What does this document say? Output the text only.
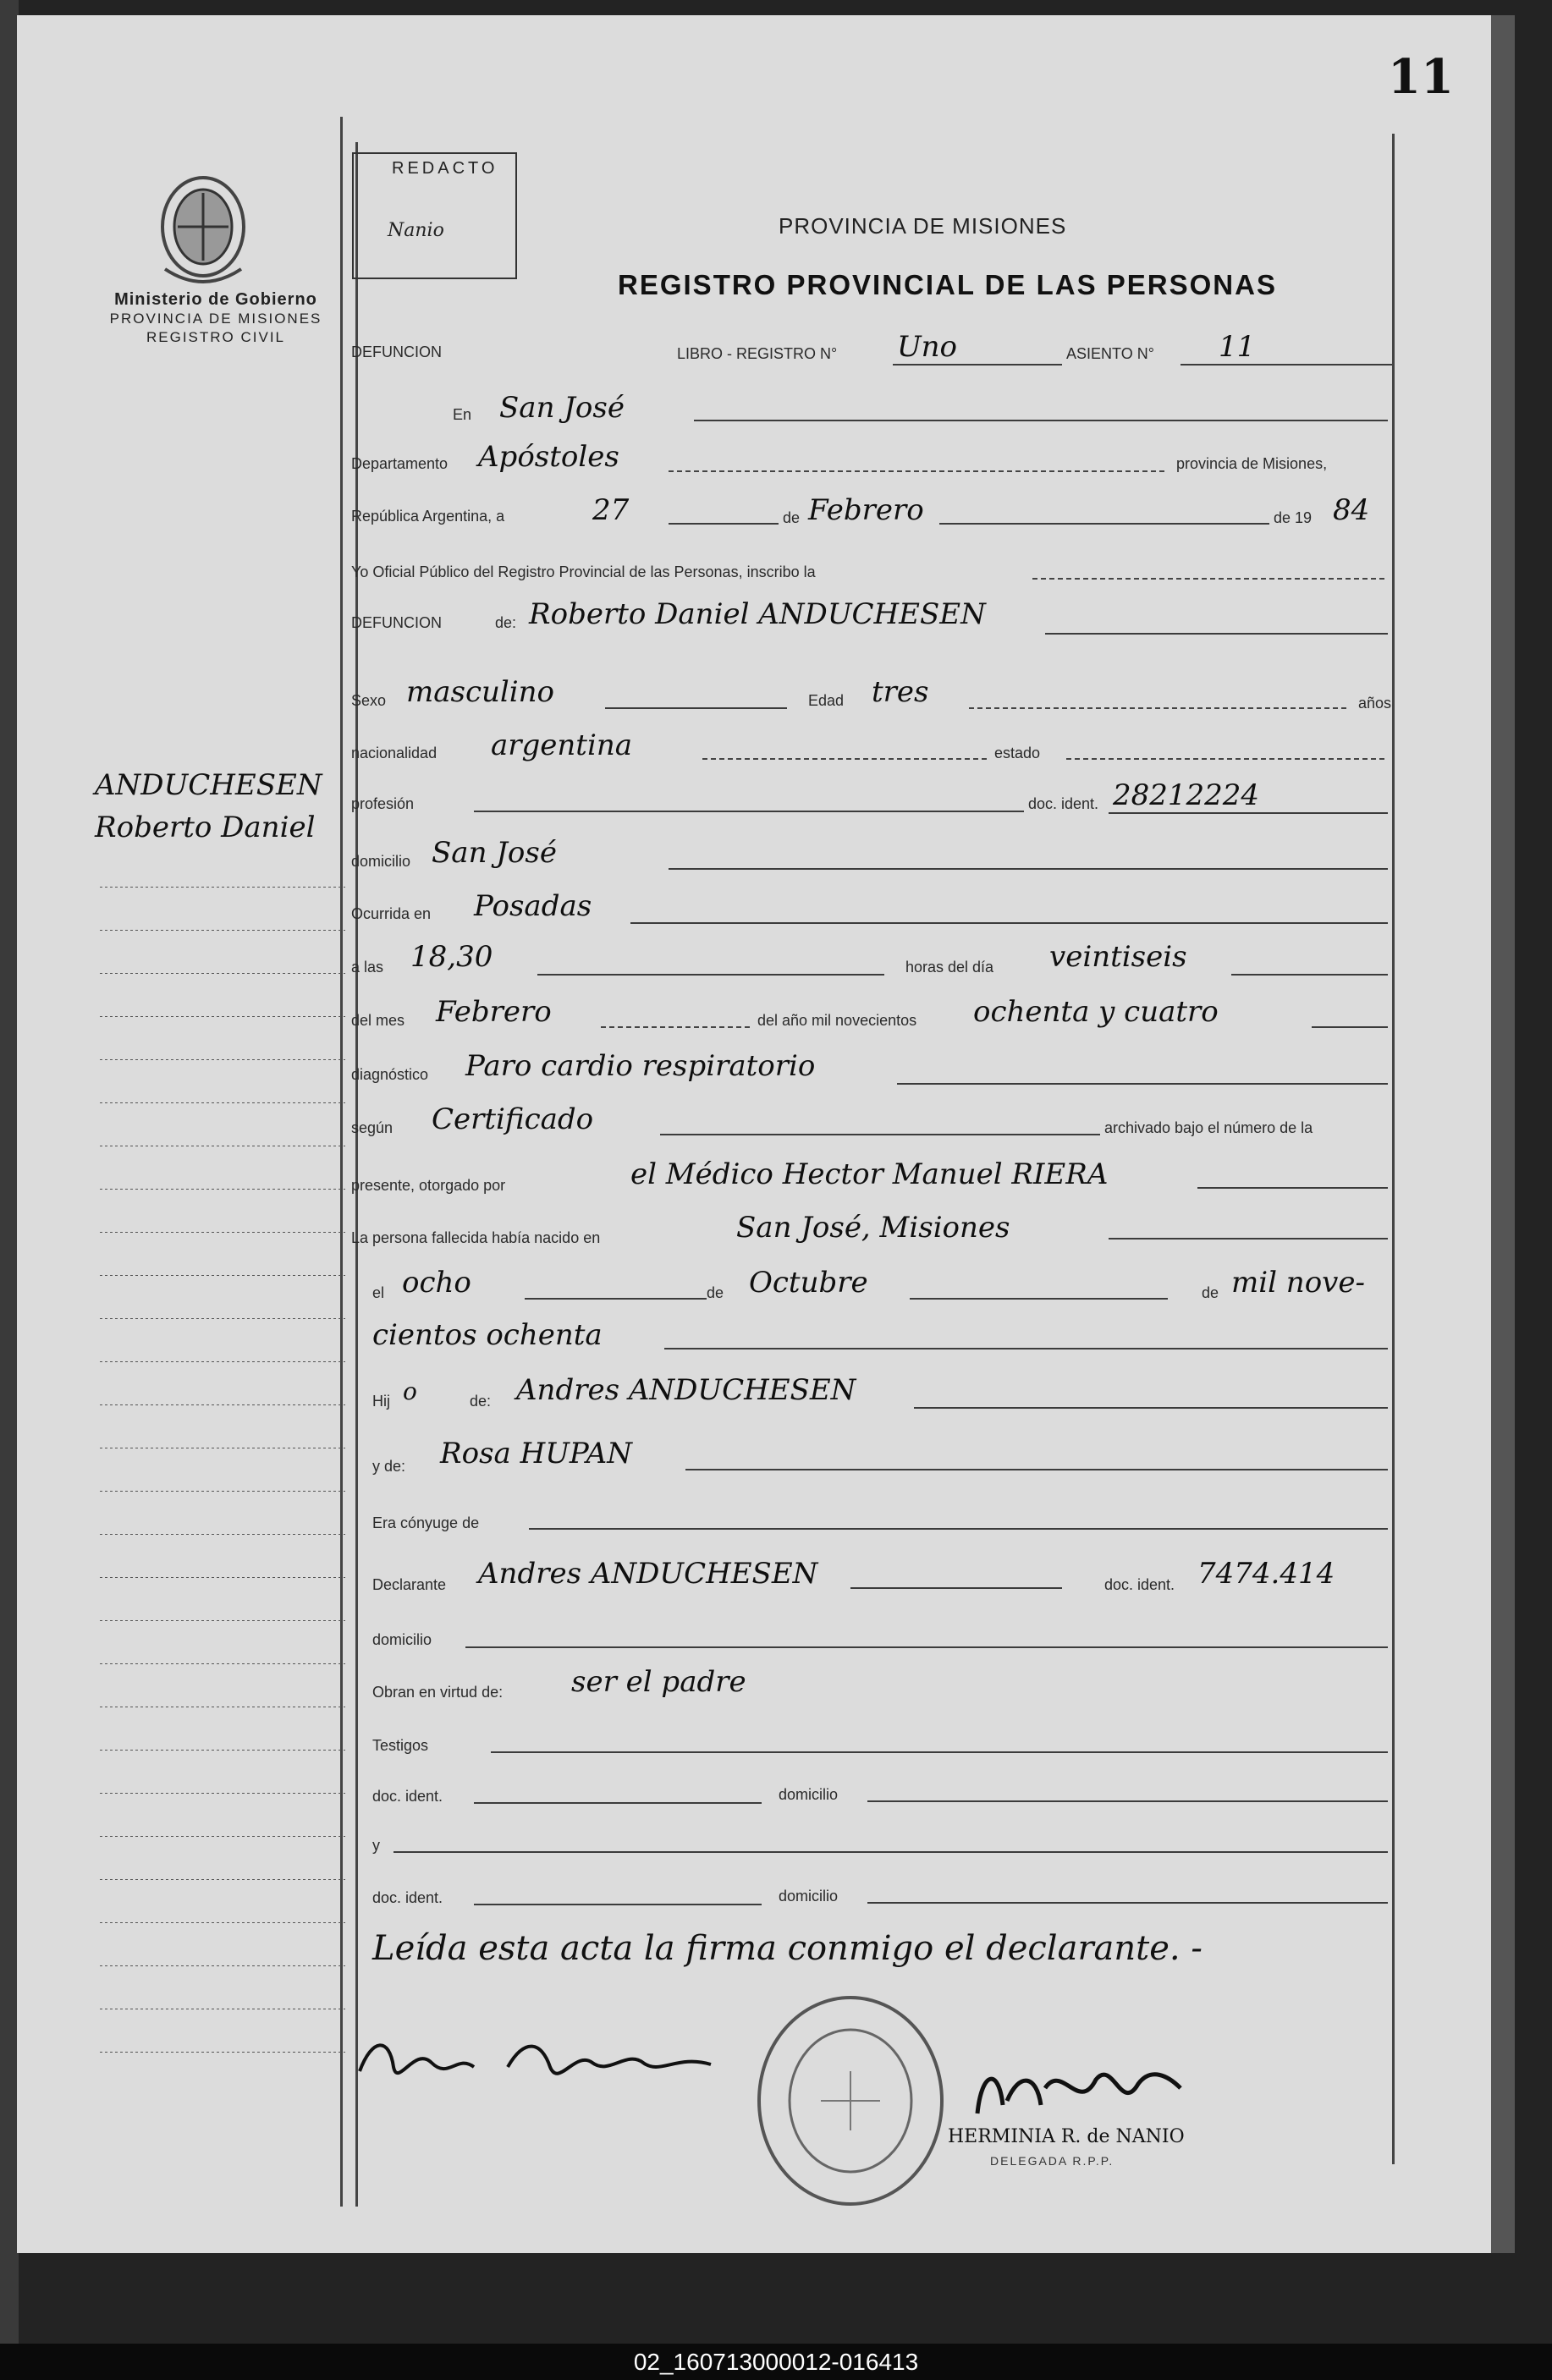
11
Ministerio de Gobierno
PROVINCIA DE MISIONES
REGISTRO CIVIL
REDACTO
Nanio	PROVINCIA DE MISIONES
REGISTRO PROVINCIAL DE LAS PERSONAS
DEFUNCION	LIBRO - REGISTRO N° Uno	ASIENTO N° 11
En San José
Departamento Apóstoles	provincia de Misiones,
República Argentina, a	27	de Febrero	de 19 84
Yo Oficial Público del Registro Provincial de las Personas, inscribo la
DEFUNCION	de: Roberto Daniel ANDUCHESEN
Sexo masculino	Edad tres	años
nacionalidad argentina	estado
profesión	doc. ident. 28212224
domicilio San José
Ocurrida en Posadas
a las 18,30	horas del día veintiseis
del mes Febrero	del año mil novecientos ochenta y cuatro
diagnóstico Paro cardio respiratorio
según Certificado	archivado bajo el número de la
presente, otorgado por	el Médico Hector Manuel RIERA
La persona fallecida había nacido en	San José, Misiones
el ocho	de Octubre	de mil nove-
cientos ochenta
Hij o	de: Andres ANDUCHESEN
y de: Rosa HUPAN
Era cónyuge de
Declarante Andres ANDUCHESEN	doc. ident. 7474.414
domicilio
Obran en virtud de: ser el padre
Testigos
doc. ident.	domicilio
y
doc. ident.	domicilio
Leída esta acta la firma conmigo el declarante. -
ANDUCHESEN
Roberto Daniel
HERMINIA R. de NANIO
DELEGADA R.P.P.
02_160713000012-016413
